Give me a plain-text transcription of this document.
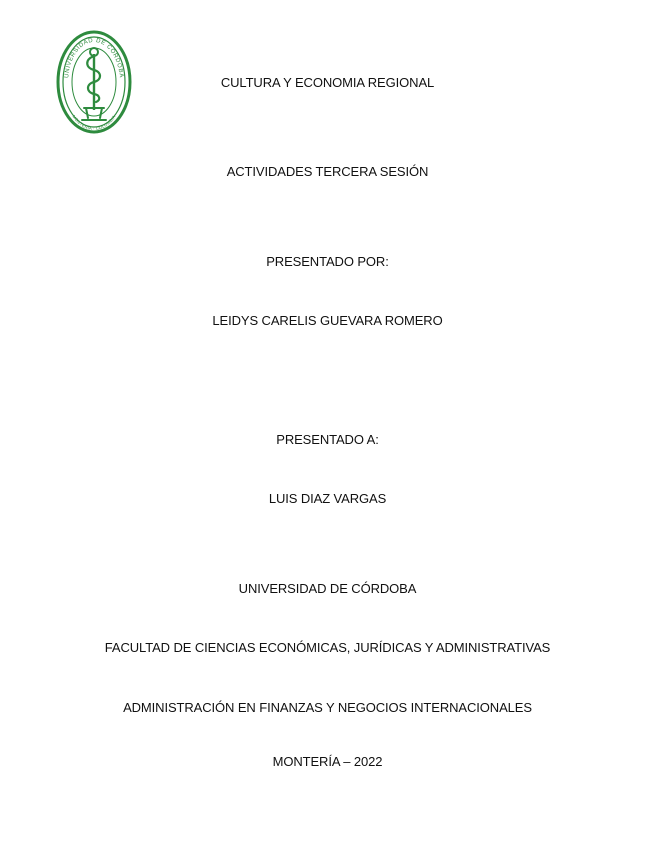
UNIVERSIDAD DE CÓRDOBA
MONTERÍA · COLOMBIA
CULTURA Y ECONOMIA REGIONAL
ACTIVIDADES TERCERA SESIÓN
PRESENTADO POR:
LEIDYS CARELIS GUEVARA ROMERO
PRESENTADO A:
LUIS DIAZ VARGAS
UNIVERSIDAD DE CÓRDOBA
FACULTAD DE CIENCIAS ECONÓMICAS, JURÍDICAS Y ADMINISTRATIVAS
ADMINISTRACIÓN EN FINANZAS Y NEGOCIOS INTERNACIONALES
MONTERÍA – 2022
